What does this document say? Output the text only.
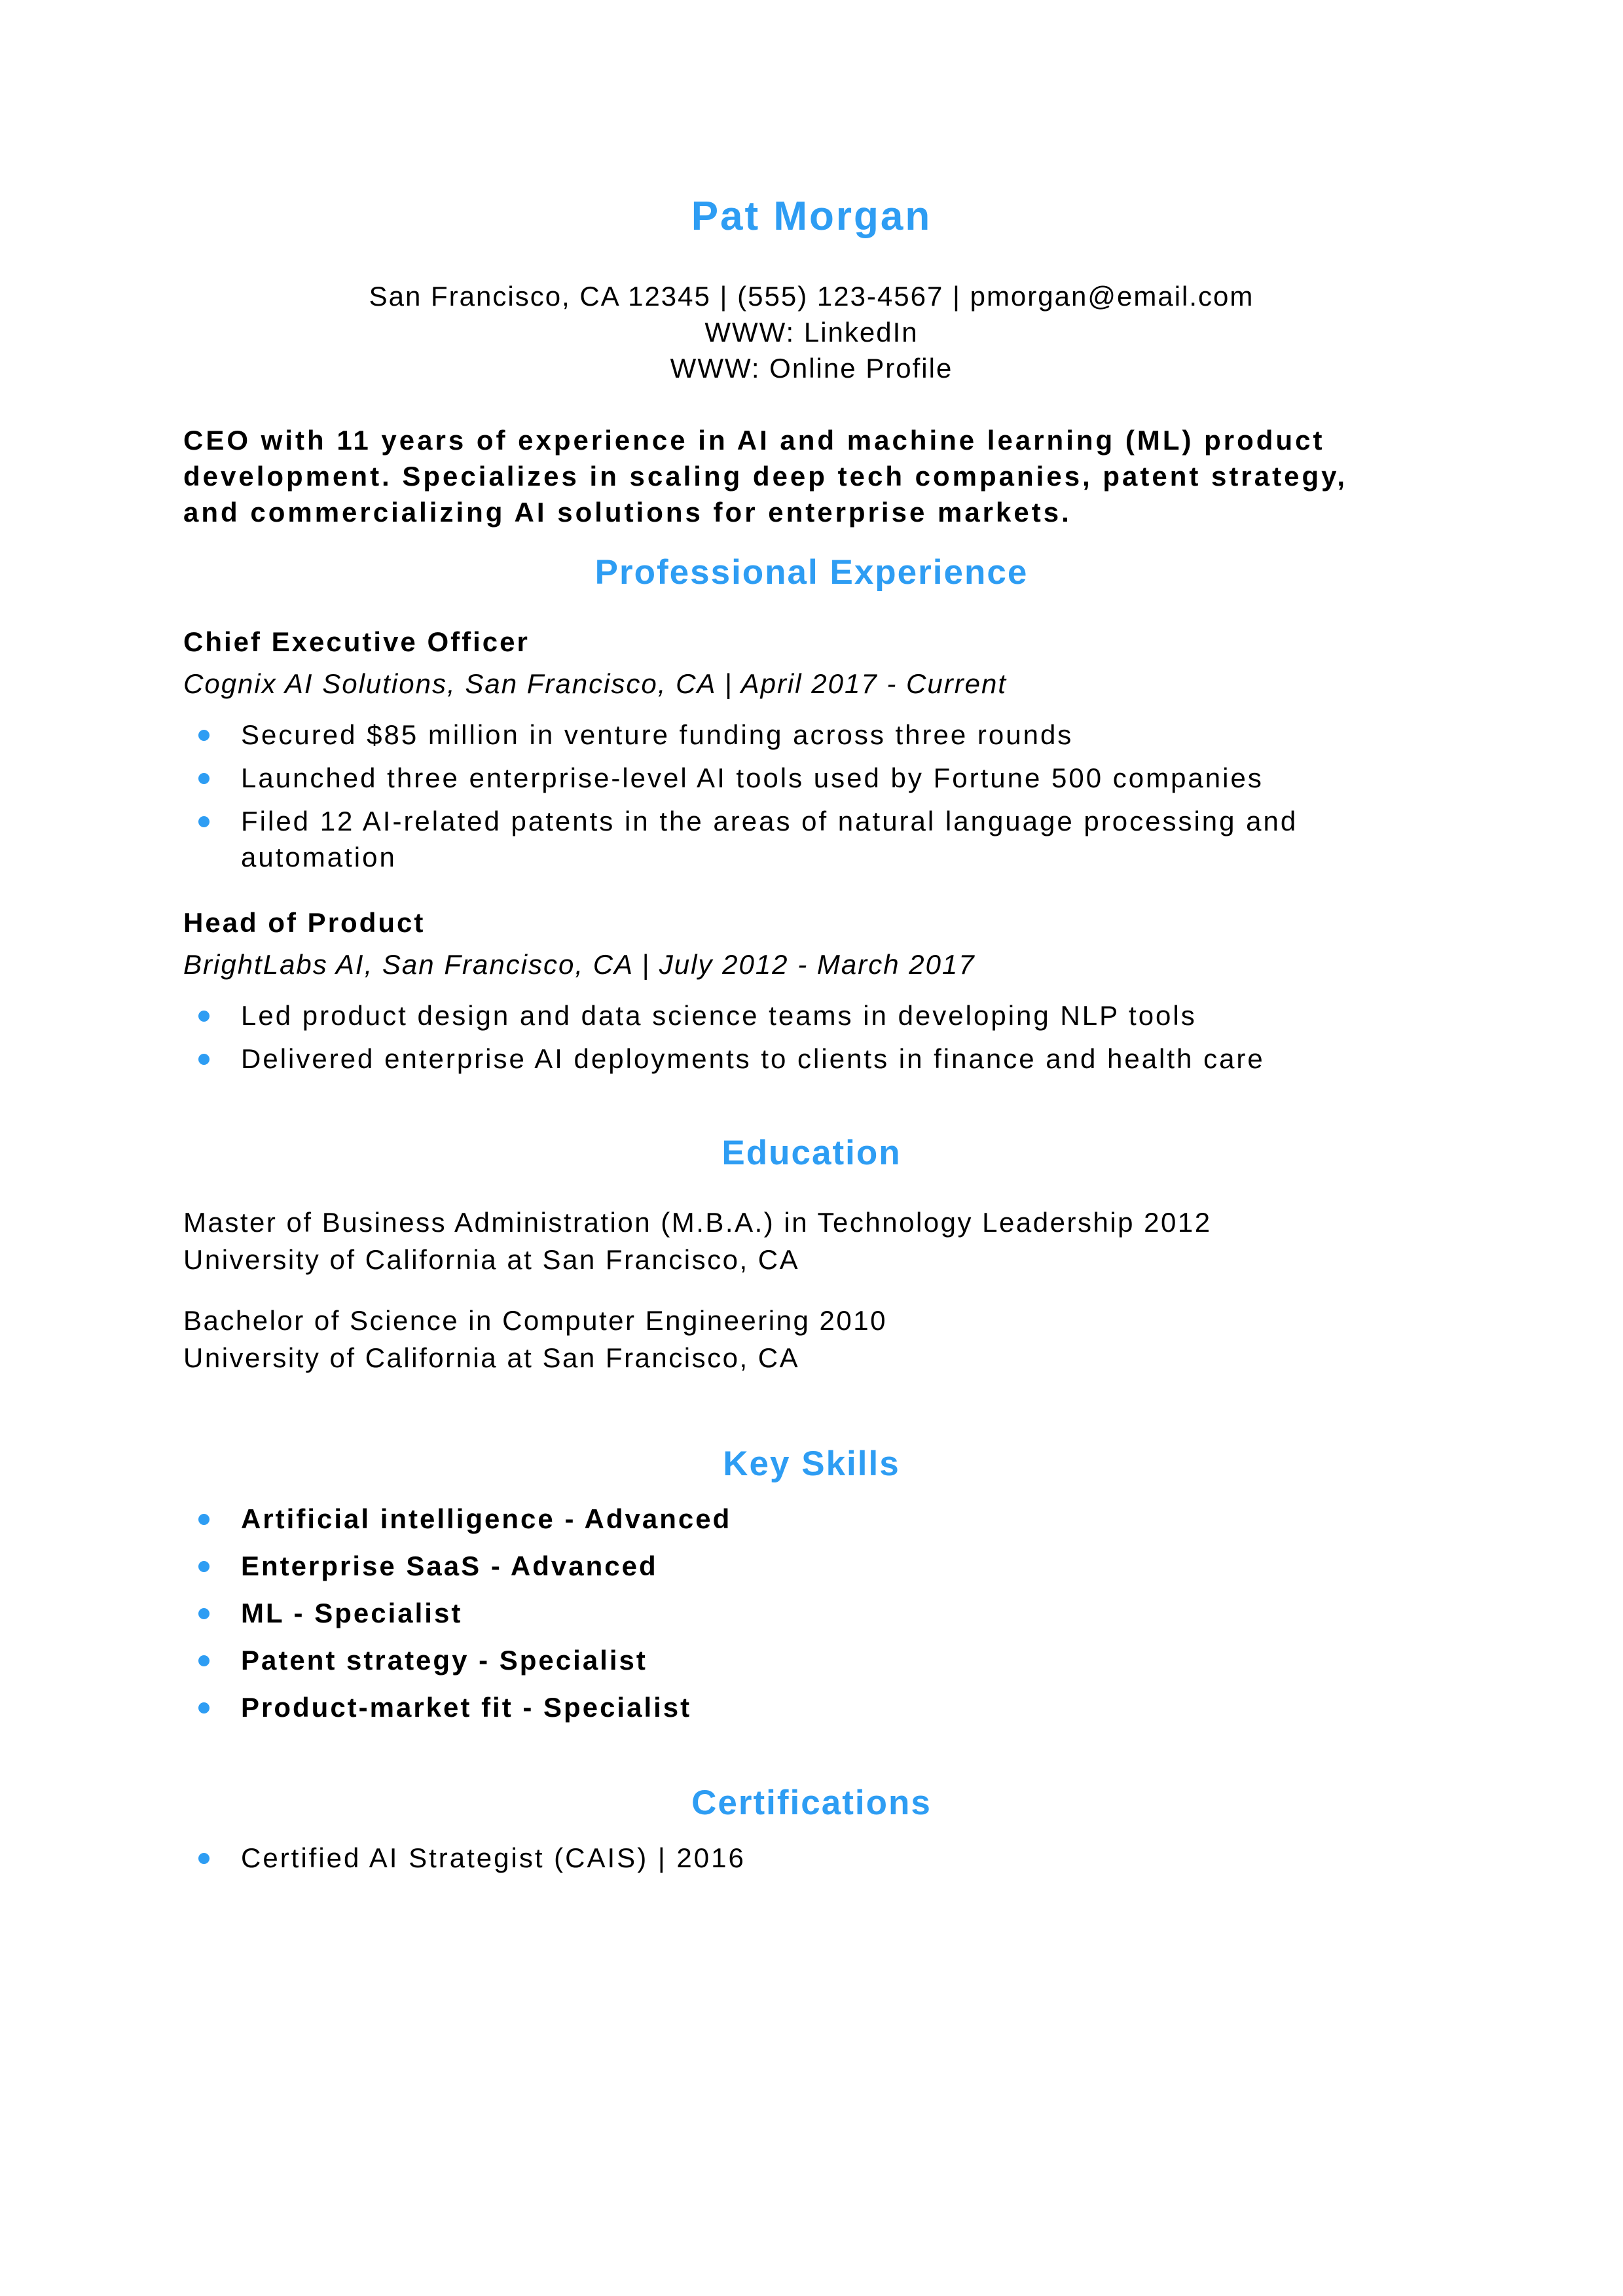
Pat Morgan
San Francisco, CA 12345 | (555) 123-4567 | pmorgan@email.com
WWW: LinkedIn
WWW: Online Profile

CEO with 11 years of experience in AI and machine learning (ML) product development. Specializes in scaling deep tech companies, patent strategy, and commercializing AI solutions for enterprise markets.

Professional Experience
Chief Executive Officer
Cognix AI Solutions, San Francisco, CA | April 2017 - Current
Secured $85 million in venture funding across three rounds
Launched three enterprise-level AI tools used by Fortune 500 companies
Filed 12 AI-related patents in the areas of natural language processing and automation
Head of Product
BrightLabs AI, San Francisco, CA | July 2012 - March 2017
Led product design and data science teams in developing NLP tools
Delivered enterprise AI deployments to clients in finance and health care
Education
Master of Business Administration (M.B.A.) in Technology Leadership 2012
University of California at San Francisco, CA
Bachelor of Science in Computer Engineering 2010
University of California at San Francisco, CA
Key Skills
Artificial intelligence - Advanced
Enterprise SaaS - Advanced
ML - Specialist
Patent strategy - Specialist
Product-market fit - Specialist
Certifications
Certified AI Strategist (CAIS) | 2016
